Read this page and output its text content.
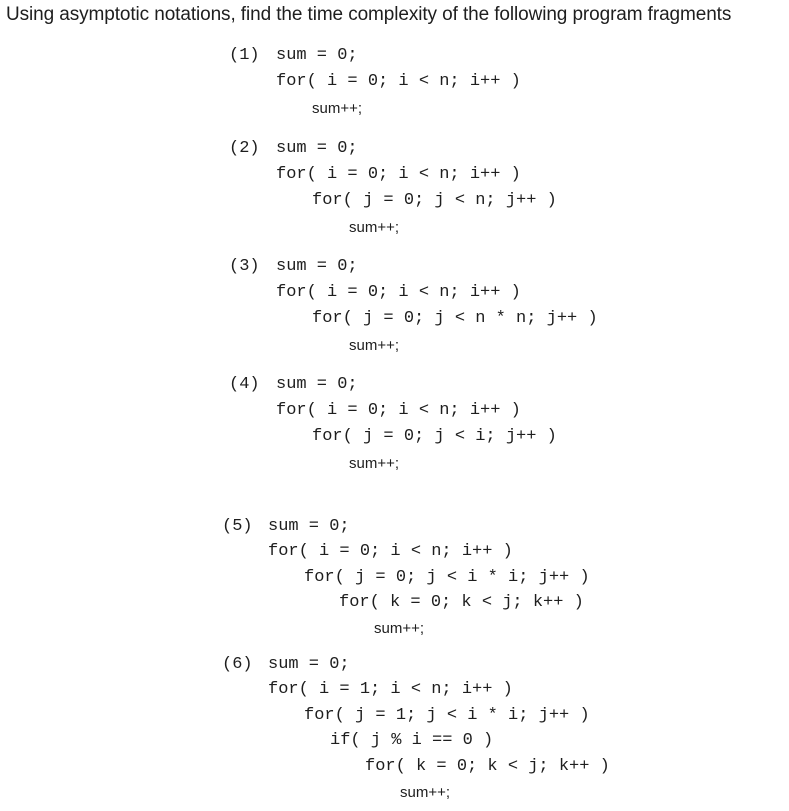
Using asymptotic notations, find the time complexity of the following program fragments
(1) sum = 0;
for( i = 0; i < n; i++ )
sum++;
(2) sum = 0;
for( i = 0; i < n; i++ )
for( j = 0; j < n; j++ )
sum++;
(3) sum = 0;
for( i = 0; i < n; i++ )
for( j = 0; j < n * n; j++ )
sum++;
(4) sum = 0;
for( i = 0; i < n; i++ )
for( j = 0; j < i; j++ )
sum++;
(5) sum = 0;
for( i = 0; i < n; i++ )
for( j = 0; j < i * i; j++ )
for( k = 0; k < j; k++ )
sum++;
(6) sum = 0;
for( i = 1; i < n; i++ )
for( j = 1; j < i * i; j++ )
if( j % i == 0 )
for( k = 0; k < j; k++ )
sum++;
